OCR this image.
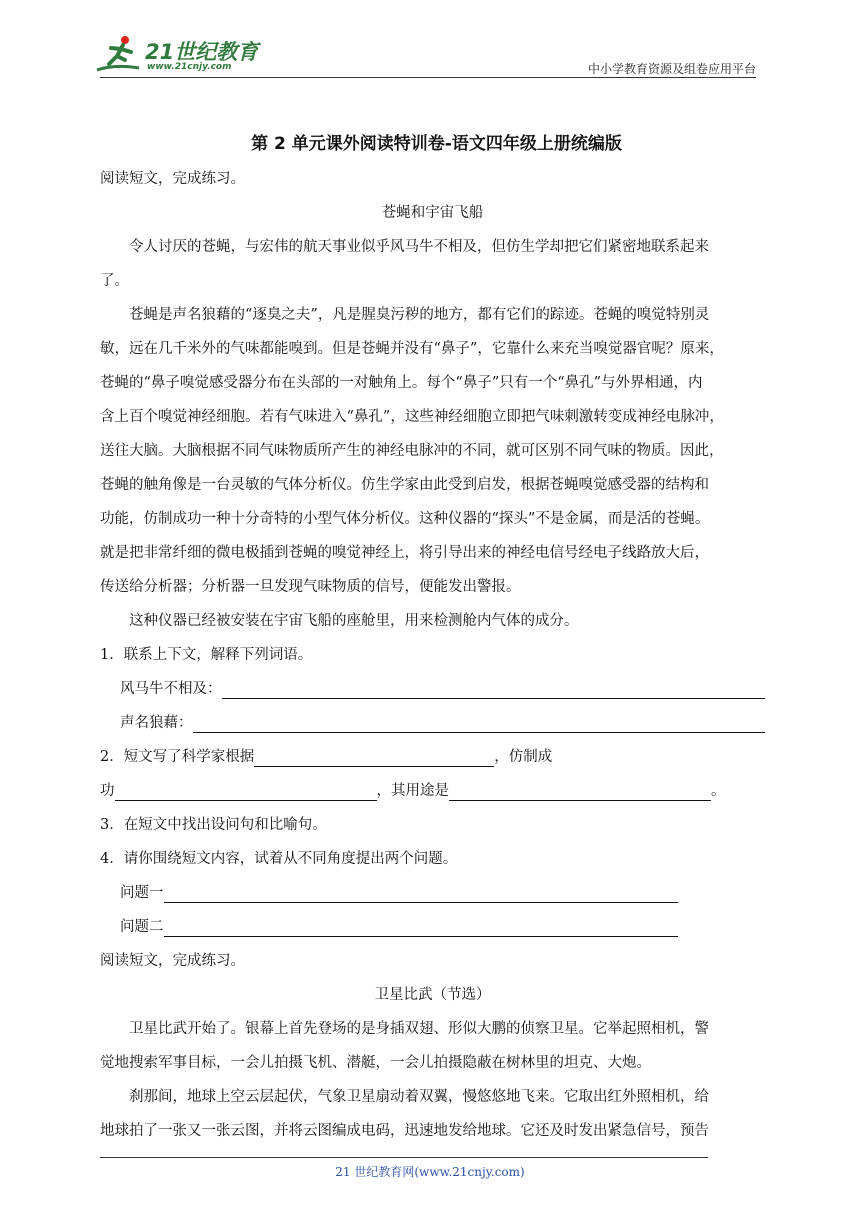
21世纪教育
www.21cnjy.com	中小学教育资源及组卷应用平台
第 2 单元课外阅读特训卷-语文四年级上册统编版
阅读短文，完成练习。
苍蝇和宇宙飞船
令人讨厌的苍蝇，与宏伟的航天事业似乎风马牛不相及，但仿生学却把它们紧密地联系起来
了。
苍蝇是声名狼藉的“逐臭之夫”，凡是腥臭污秽的地方，都有它们的踪迹。苍蝇的嗅觉特别灵
敏，远在几千米外的气味都能嗅到。但是苍蝇并没有“鼻子”，它靠什么来充当嗅觉器官呢？原来，
苍蝇的“鼻子嗅觉感受器分布在头部的一对触角上。每个“鼻子”只有一个“鼻孔”与外界相通，内
含上百个嗅觉神经细胞。若有气味进入“鼻孔”，这些神经细胞立即把气味刺激转变成神经电脉冲，
送往大脑。大脑根据不同气味物质所产生的神经电脉冲的不同，就可区别不同气味的物质。因此，
苍蝇的触角像是一台灵敏的气体分析仪。仿生学家由此受到启发，根据苍蝇嗅觉感受器的结构和
功能，仿制成功一种十分奇特的小型气体分析仪。这种仪器的“探头”不是金属，而是活的苍蝇。
就是把非常纤细的微电极插到苍蝇的嗅觉神经上，将引导出来的神经电信号经电子线路放大后，
传送给分析器；分析器一旦发现气味物质的信号，便能发出警报。
这种仪器已经被安装在宇宙飞船的座舱里，用来检测舱内气体的成分。
1．联系上下文，解释下列词语。
风马牛不相及：
声名狼藉：
2．短文写了科学家根据	，仿制成
功	，其用途是	。
3．在短文中找出设问句和比喻句。
4．请你围绕短文内容，试着从不同角度提出两个问题。
问题一
问题二
阅读短文，完成练习。
卫星比武（节选）
卫星比武开始了。银幕上首先登场的是身插双翅、形似大鹏的侦察卫星。它举起照相机，警
觉地搜索军事目标，一会儿拍摄飞机、潜艇，一会儿拍摄隐蔽在树林里的坦克、大炮。
刹那间，地球上空云层起伏，气象卫星扇动着双翼，慢悠悠地飞来。它取出红外照相机，给
地球拍了一张又一张云图，并将云图编成电码，迅速地发给地球。它还及时发出紧急信号，预告
21 世纪教育网(www.21cnjy.com)
